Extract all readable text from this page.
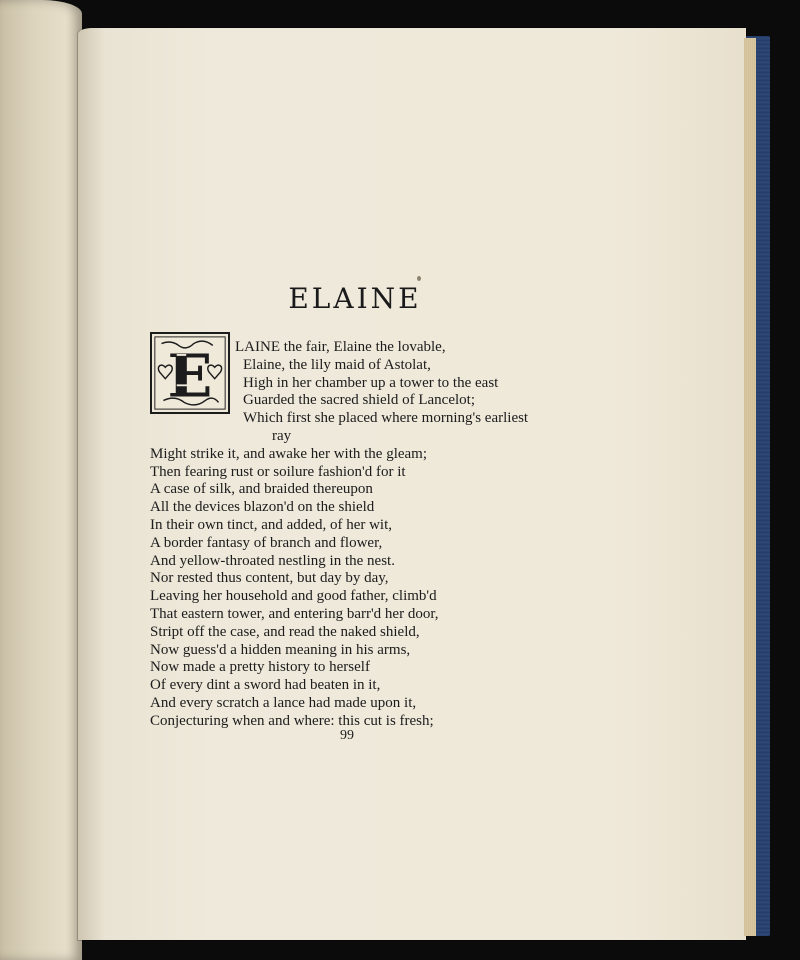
ELAINE
E	LAINE the fair, Elaine the lovable,
Elaine, the lily maid of Astolat,
High in her chamber up a tower to the east
Guarded the sacred shield of Lancelot;
Which first she placed where morning's earliest
ray
Might strike it, and awake her with the gleam;
Then fearing rust or soilure fashion'd for it
A case of silk, and braided thereupon
All the devices blazon'd on the shield
In their own tinct, and added, of her wit,
A border fantasy of branch and flower,
And yellow-throated nestling in the nest.
Nor rested thus content, but day by day,
Leaving her household and good father, climb'd
That eastern tower, and entering barr'd her door,
Stript off the case, and read the naked shield,
Now guess'd a hidden meaning in his arms,
Now made a pretty history to herself
Of every dint a sword had beaten in it,
And every scratch a lance had made upon it,
Conjecturing when and where: this cut is fresh;
99
